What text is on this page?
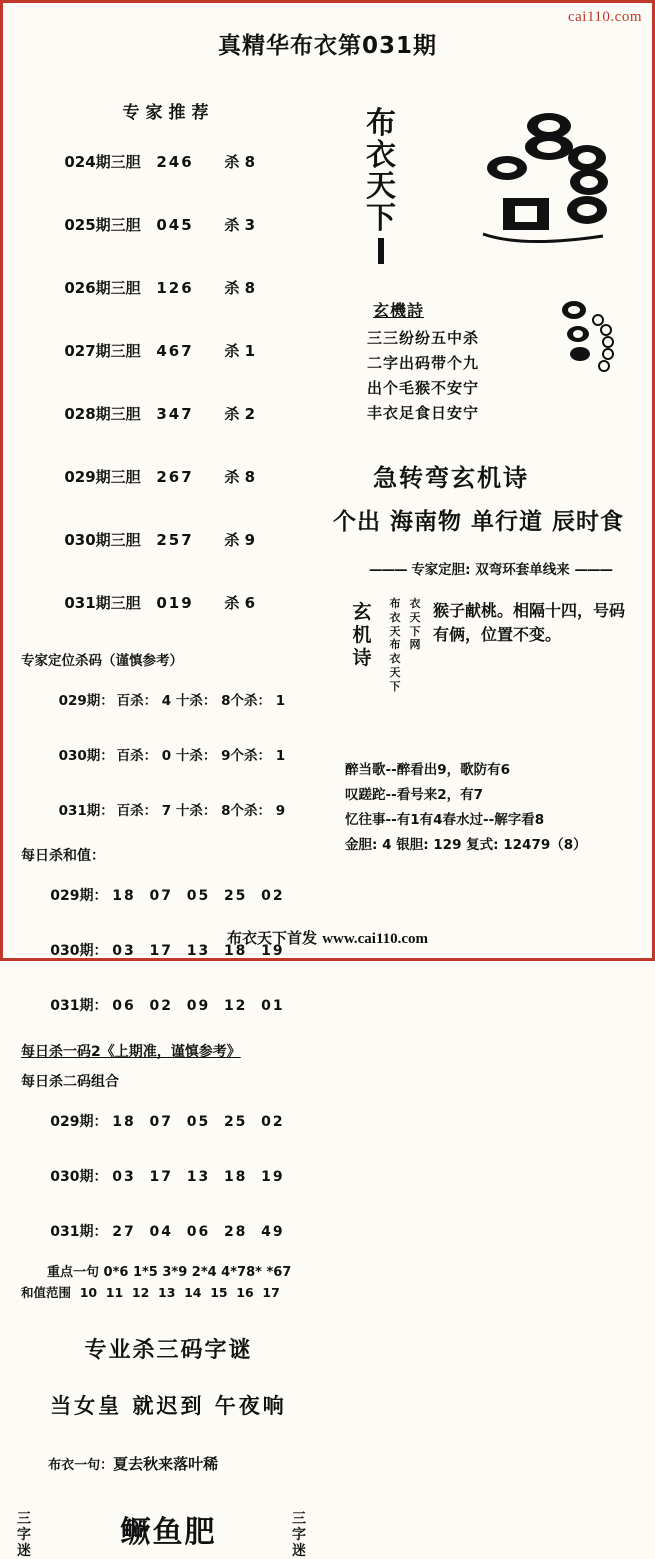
cai110.com
真精华布衣第031期
专家推荐

024期三胆 246 杀 8

025期三胆 045 杀 3

026期三胆 126 杀 8

027期三胆 467 杀 1

028期三胆 347 杀 2

029期三胆 267 杀 8

030期三胆 257 杀 9

031期三胆 019 杀 6

专家定位杀码（谨慎参考）

029期： 百杀： 4 十杀： 8个杀： 1

030期： 百杀： 0 十杀： 9个杀： 1

031期： 百杀： 7 十杀： 8个杀： 9

每日杀和值：

029期： 18  07  05  25  02

030期： 03  17  13  18  19

031期： 06  02  09  12  01

每日杀一码2《上期准，谨慎参考》
每日杀二码组合

029期： 18  07  05  25  02

030期： 03  17  13  18  19

031期： 27  04  06  28  49

重点一句 0*6 1*5 3*9 2*4 4*78* *67
和值范围  10  11  12  13  14  15  16  17
专业杀三码字谜
当女皇 就迟到 午夜响

布衣一句：夏去秋来落叶稀

三字迷
鳜鱼肥	三字迷
布衣天下
玄機詩

三三纷纷五中杀

二字出码带个九

出个毛猴不安宁

丰衣足食日安宁

急转弯玄机诗
个出 海南物 单行道 辰时食
——— 专家定胆: 双弯环套单线来 ———
玄机诗
布衣天布衣天下
衣天下网
猴子献桃。相隔十四，号码有俩，位置不变。
醉当歌--醉看出9，歌防有6
叹蹉跎--看号来2，有7
忆往事--有1有4春水过--解字看8
金胆: 4 银胆: 129 复式: 12479（8）
布衣天下首发 www.cai110.com
